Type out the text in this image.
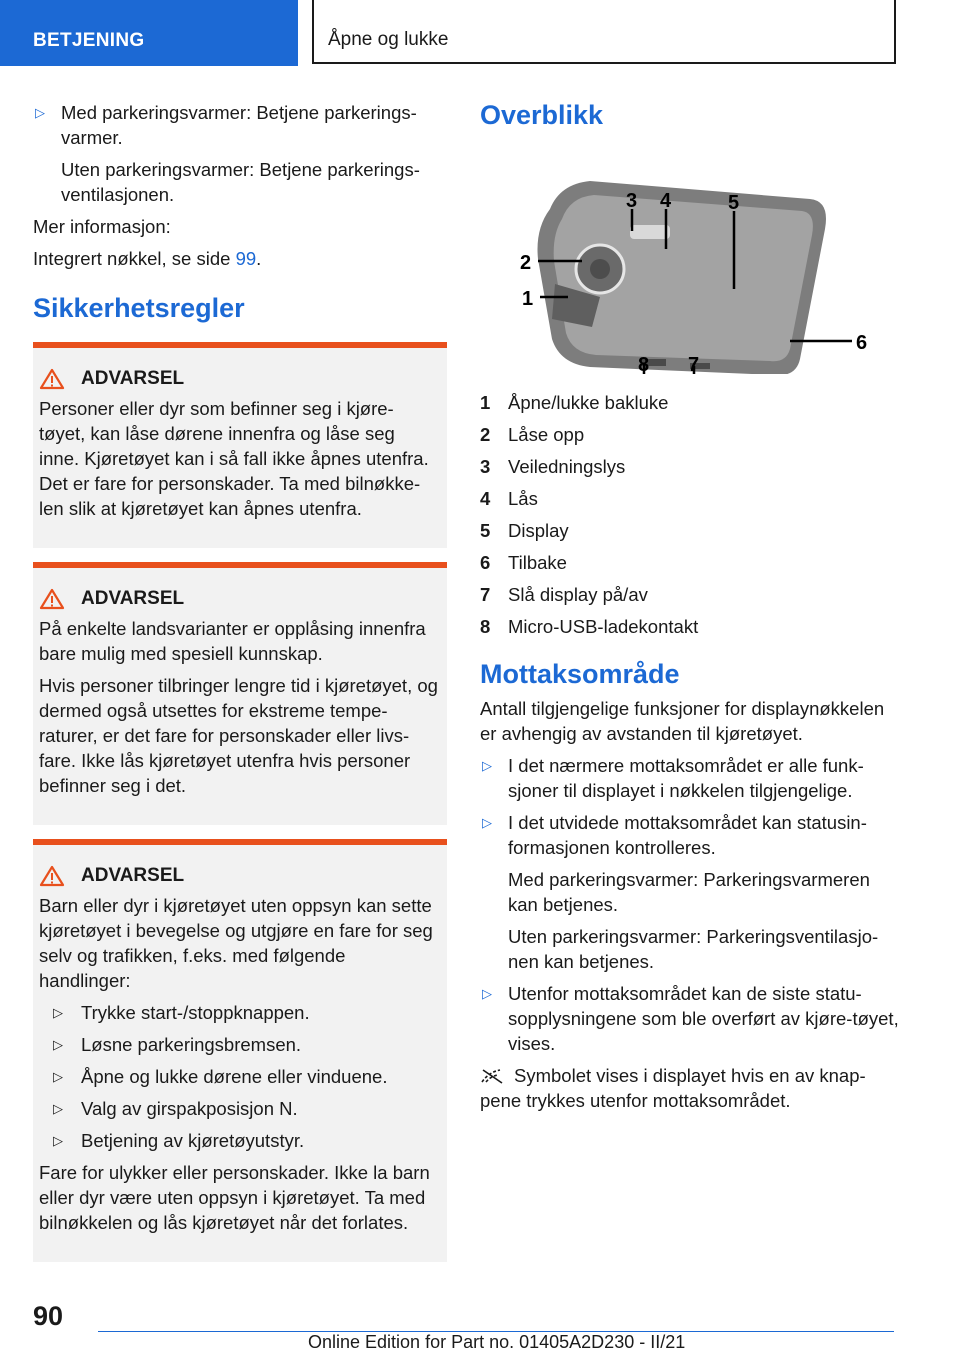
BETJENING	Åpne og lukke
▷ Med parkeringsvarmer: Betjene parkerings-varmer.
Uten parkeringsvarmer: Betjene parkerings-ventilasjonen.
Mer informasjon:
Integrert nøkkel, se side 99.
Sikkerhetsregler
ADVARSEL
Personer eller dyr som befinner seg i kjøre-tøyet, kan låse dørene innenfra og låse seg inne. Kjøretøyet kan i så fall ikke åpnes utenfra. Det er fare for personskader. Ta med bilnøkke-len slik at kjøretøyet kan åpnes utenfra.
ADVARSEL
På enkelte landsvarianter er opplåsing innenfra bare mulig med spesiell kunnskap.
Hvis personer tilbringer lengre tid i kjøretøyet, og dermed også utsettes for ekstreme tempe-raturer, er det fare for personskader eller livs-fare. Ikke lås kjøretøyet utenfra hvis personer befinner seg i det.
ADVARSEL
Barn eller dyr i kjøretøyet uten oppsyn kan sette kjøretøyet i bevegelse og utgjøre en fare for seg selv og trafikken, f.eks. med følgende handlinger:
▷ Trykke start-/stoppknappen.
▷ Løsne parkeringsbremsen.
▷ Åpne og lukke dørene eller vinduene.
▷ Valg av girspakposisjon N.
▷ Betjening av kjøretøyutstyr.
Fare for ulykker eller personskader. Ikke la barn eller dyr være uten oppsyn i kjøretøyet. Ta med bilnøkkelen og lås kjøretøyet når det forlates.
Overblikk
1
2
3 4	5
6
7
8
1 Åpne/lukke bakluke
2 Låse opp
3 Veiledningslys
4 Lås
5 Display
6 Tilbake
7 Slå display på/av
8 Micro-USB-ladekontakt
Mottaksområde
Antall tilgjengelige funksjoner for displaynøkkelen er avhengig av avstanden til kjøretøyet.
▷ I det nærmere mottaksområdet er alle funk-sjoner til displayet i nøkkelen tilgjengelige.
▷ I det utvidede mottaksområdet kan statusin-formasjonen kontrolleres.
Med parkeringsvarmer: Parkeringsvarmeren kan betjenes.
Uten parkeringsvarmer: Parkeringsventilasjo-nen kan betjenes.
▷ Utenfor mottaksområdet kan de siste statu-sopplysningene som ble overført av kjøre-tøyet, vises.
Symbolet vises i displayet hvis en av knap-pene trykkes utenfor mottaksområdet.
90
Online Edition for Part no. 01405A2D230 - II/21
